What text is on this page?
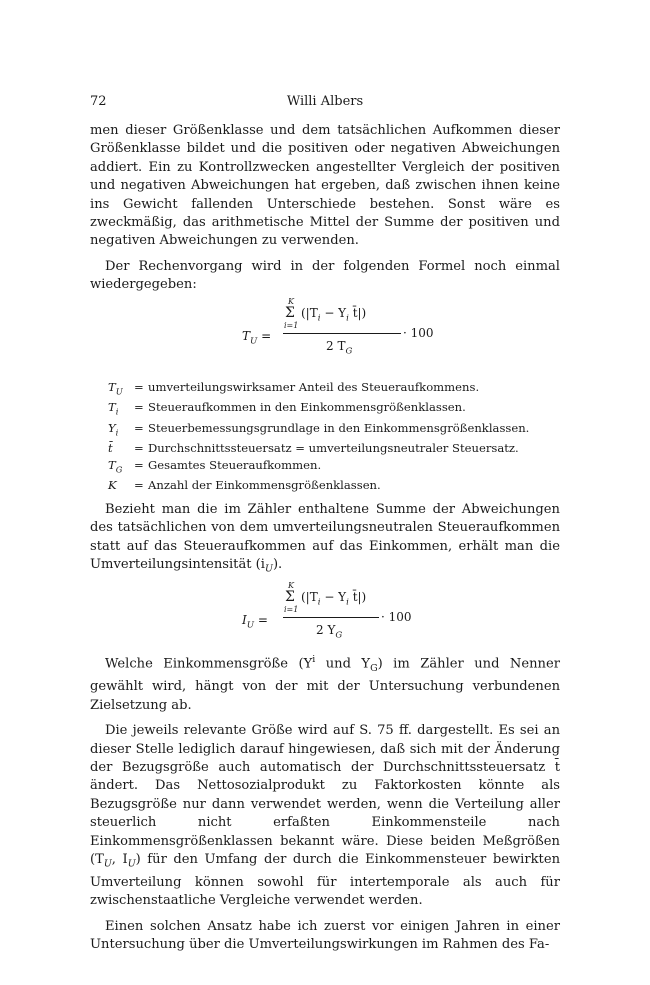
72	Willi Albers

men dieser Größenklasse und dem tatsächlichen Aufkommen dieser Größenklasse bildet und die positiven oder negativen Abweichungen addiert. Ein zu Kontrollzwecken angestellter Vergleich der positiven und negativen Abweichungen hat ergeben, daß zwischen ihnen keine ins Gewicht fallenden Unterschiede bestehen. Sonst wäre es zweckmäßig, das arithmetische Mittel der Summe der positiven und negativen Abweichungen zu verwenden.

Der Rechenvorgang wird in der folgenden Formel noch einmal wiedergegeben:

$T_U$ =
K
Σ
i=1
($|T_i - Y_i$ t̄|)
2 $T_G$
· 100
$T_U$ = umverteilungswirksamer Anteil des Steueraufkommens.
$T_i$ = Steueraufkommen in den Einkommensgrößenklassen.
$Y_i$ = Steuerbemessungsgrundlage in den Einkommensgrößenklassen.
t̄ = Durchschnittssteuersatz = umverteilungsneutraler Steuersatz.
$T_G$ = Gesamtes Steueraufkommen.
K = Anzahl der Einkommensgrößenklassen.

Bezieht man die im Zähler enthaltene Summe der Abweichungen des tatsächlichen von dem umverteilungsneutralen Steueraufkommen statt auf das Steueraufkommen auf das Einkommen, erhält man die Umverteilungsintensität $(i_U)$.

$I_U$ =
K
Σ
i=1
($|T_i - Y_i$ t̄|)
2 $Y_G$
· 100

Welche Einkommensgröße ($Y^i$ und $Y_G$) im Zähler und Nenner gewählt wird, hängt von der mit der Untersuchung verbundenen Zielsetzung ab.

Die jeweils relevante Größe wird auf S. 75 ff. dargestellt. Es sei an dieser Stelle lediglich darauf hingewiesen, daß sich mit der Änderung der Bezugsgröße auch automatisch der Durchschnittssteuersatz t̄ ändert. Das Nettosozialprodukt zu Faktorkosten könnte als Bezugsgröße nur dann verwendet werden, wenn die Verteilung aller steuerlich nicht erfaßten Einkommensteile nach Einkommensgrößenklassen bekannt wäre. Diese beiden Meßgrößen ($T_U$, $I_U$) für den Umfang der durch die Einkommensteuer bewirkten Umverteilung können sowohl für intertemporale als auch für zwischenstaatliche Vergleiche verwendet werden.

Einen solchen Ansatz habe ich zuerst vor einigen Jahren in einer Untersuchung über die Umverteilungswirkungen im Rahmen des Fa-
